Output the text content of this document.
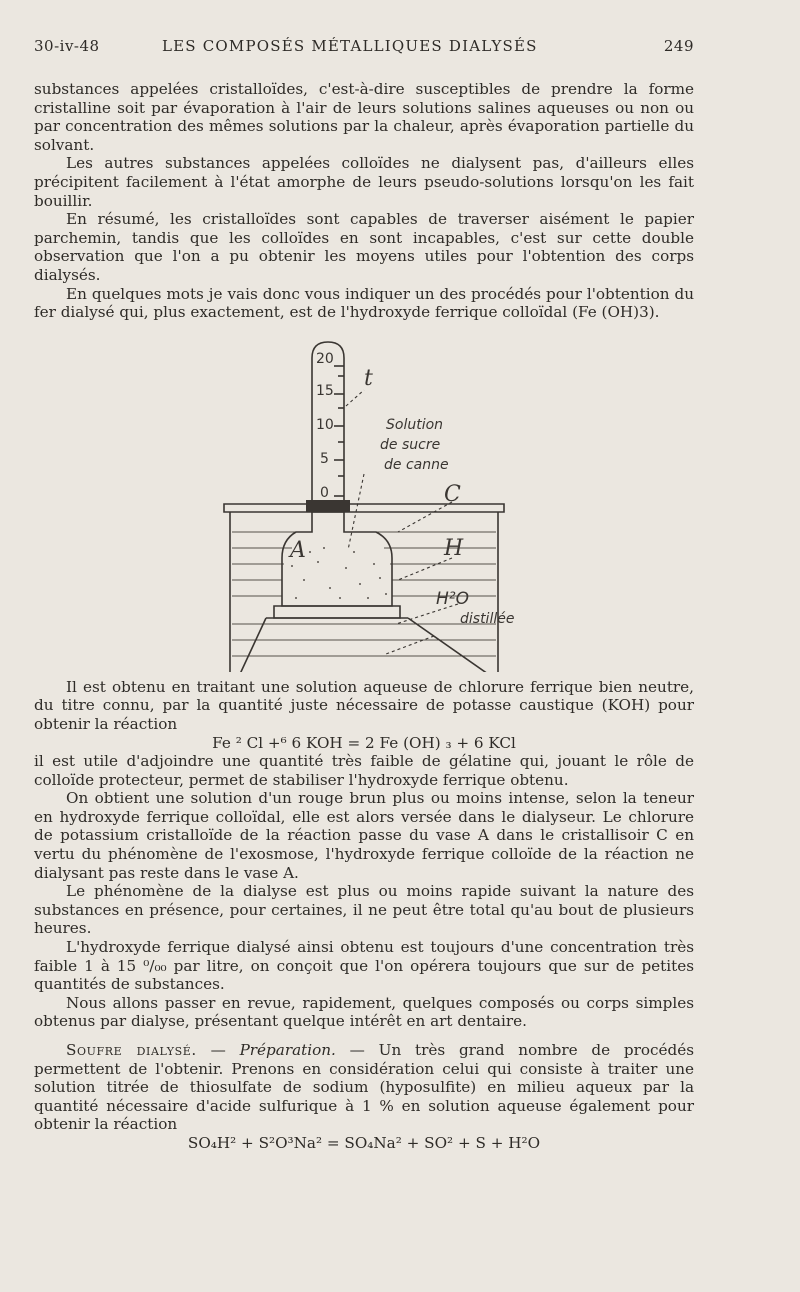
30-iv-48	LES COMPOSÉS MÉTALLIQUES DIALYSÉS	249

substances appelées cristalloïdes, c'est-à-dire susceptibles de prendre la forme cristalline soit par évaporation à l'air de leurs solutions salines aqueuses ou non ou par concentration des mêmes solutions par la chaleur, après évaporation partielle du solvant.

Les autres substances appelées colloïdes ne dialysent pas, d'ailleurs elles précipitent facilement à l'état amorphe de leurs pseudo-solutions lorsqu'on les fait bouillir.

En résumé, les cristalloïdes sont capables de traverser aisément le papier parchemin, tandis que les colloïdes en sont incapables, c'est sur cette double observation que l'on a pu obtenir les moyens utiles pour l'obtention des corps dialysés.

En quelques mots je vais donc vous indiquer un des procédés pour l'obtention du fer dialysé qui, plus exactement, est de l'hydroxyde ferrique colloïdal (Fe (OH)3).

20
15
10
5
0
t
Solution
de sucre
de canne
C
H
A
H²O
distillée

Il est obtenu en traitant une solution aqueuse de chlorure ferrique bien neutre, du titre connu, par la quantité juste nécessaire de potasse caustique (KOH) pour obtenir la réaction

Fe ² Cl +⁶ 6 KOH = 2 Fe (OH) ₃ + 6 KCl

il est utile d'adjoindre une quantité très faible de gélatine qui, jouant le rôle de colloïde protecteur, permet de stabiliser l'hydroxyde ferrique obtenu.

On obtient une solution d'un rouge brun plus ou moins intense, selon la teneur en hydroxyde ferrique colloïdal, elle est alors versée dans le dialyseur. Le chlorure de potassium cristalloïde de la réaction passe du vase A dans le cristallisoir C en vertu du phénomène de l'exosmose, l'hydroxyde ferrique colloïde de la réaction ne dialysant pas reste dans le vase A.

Le phénomène de la dialyse est plus ou moins rapide suivant la nature des substances en présence, pour certaines, il ne peut être total qu'au bout de plusieurs heures.

L'hydroxyde ferrique dialysé ainsi obtenu est toujours d'une concentration très faible 1 à 15 ⁰/₀₀ par litre, on conçoit que l'on opérera toujours que sur de petites quantités de substances.

Nous allons passer en revue, rapidement, quelques composés ou corps simples obtenus par dialyse, présentant quelque intérêt en art dentaire.

Soufre dialysé. — Préparation. — Un très grand nombre de procédés permettent de l'obtenir. Prenons en considération celui qui consiste à traiter une solution titrée de thiosulfate de sodium (hyposulfite) en milieu aqueux par la quantité nécessaire d'acide sulfurique à 1 % en solution aqueuse également pour obtenir la réaction

SO₄H² + S²O³Na² = SO₄Na² + SO² + S + H²O
